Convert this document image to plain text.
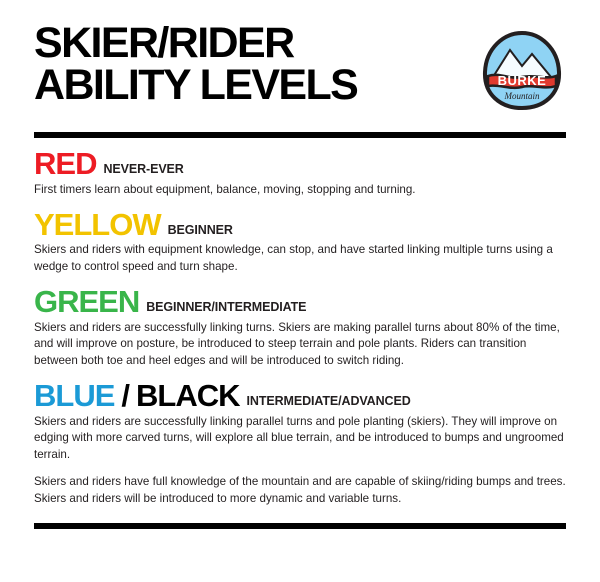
SKIER/RIDER
ABILITY LEVELS	BURKE
Mountain
RED NEVER-EVER
First timers learn about equipment, balance, moving, stopping and turning.
YELLOW BEGINNER
Skiers and riders with equipment knowledge, can stop, and have started linking multiple turns using a wedge to control speed and turn shape.
GREEN BEGINNER/INTERMEDIATE
Skiers and riders are successfully linking turns. Skiers are making parallel turns about 80% of the time, and will improve on posture, be introduced to steep terrain and pole plants. Riders can transition between both toe and heel edges and will be introduced to switch riding.
BLUE / BLACK INTERMEDIATE/ADVANCED
Skiers and riders are successfully linking parallel turns and pole planting (skiers). They will improve on edging with more carved turns, will explore all blue terrain, and be introduced to bumps and ungroomed terrain.
Skiers and riders have full knowledge of the mountain and are capable of skiing/riding bumps and trees. Skiers and riders will be introduced to more dynamic and variable turns.
